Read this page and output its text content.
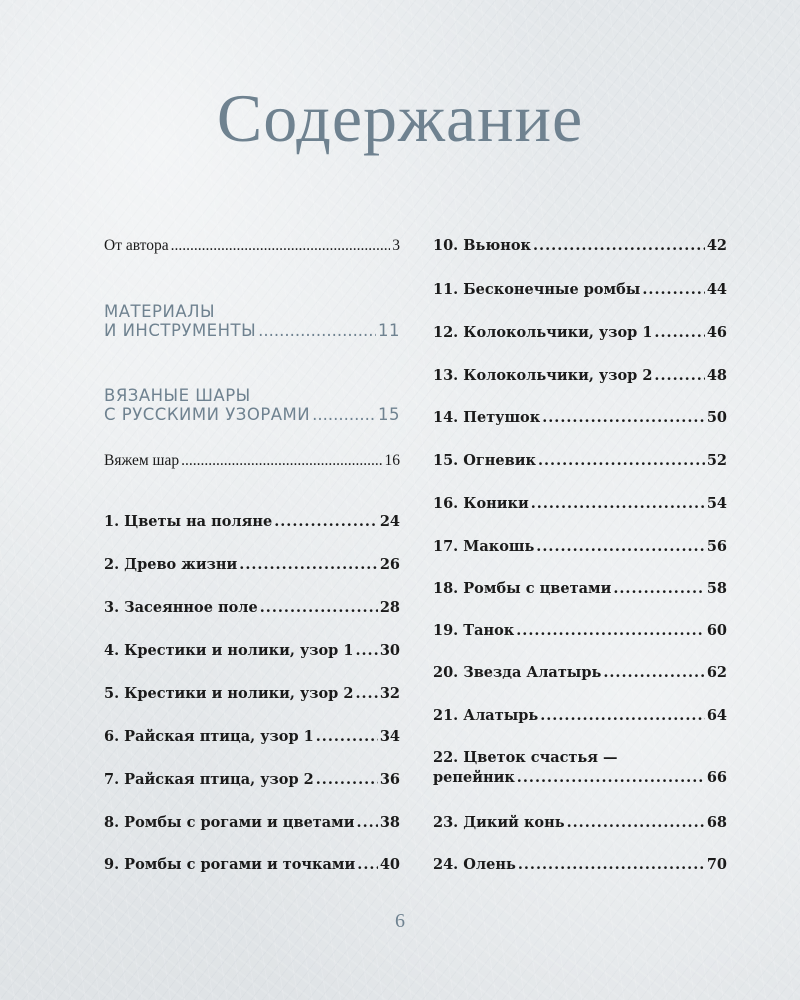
Содержание
От автора .....	3
МАТЕРИАЛЫ
И ИНСТРУМЕНТЫ .....	11
ВЯЗАНЫЕ ШАРЫ
С РУССКИМИ УЗОРАМИ .....	15
Вяжем шар .....	16
1. Цветы на поляне .....	24
2. Древо жизни .....	26
3. Засеянное поле .....	28
4. Крестики и нолики, узор 1 ..... 30
5. Крестики и нолики, узор 2 ..... 32
6. Райская птица, узор 1 .....	34
7. Райская птица, узор 2 .....	36
8. Ромбы с рогами и цветами ..... 38
9. Ромбы с рогами и точками ..... 40
10. Вьюнок .....	42
11. Бесконечные ромбы .....	44
12. Колокольчики, узор 1 .....	46
13. Колокольчики, узор 2 .....	48
14. Петушок .....	50
15. Огневик .....	52
16. Коники .....	54
17. Макошь .....	56
18. Ромбы с цветами .....	58
19. Танок .....	60
20. Звезда Алатырь .....	62
21. Алатырь .....	64
22. Цветок счастья —
репейник .....	66
23. Дикий конь .....	68
24. Олень .....	70
6
